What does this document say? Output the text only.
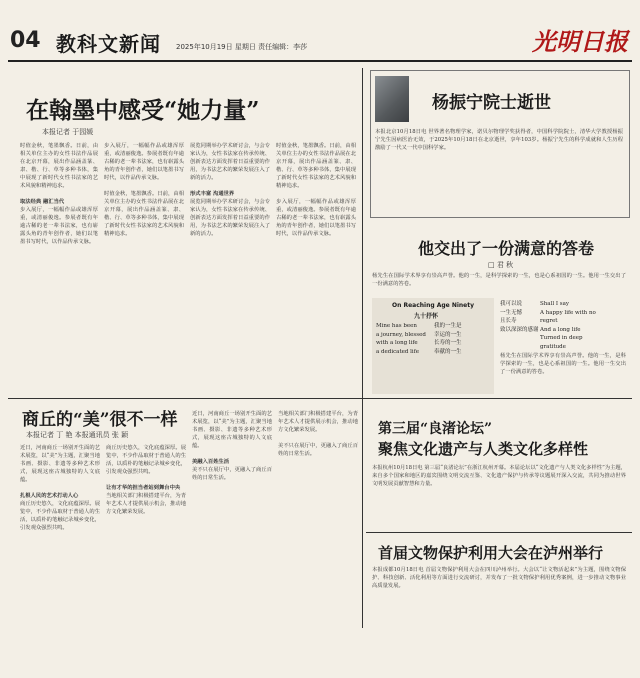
04 教科文新闻 2025年10月19日 星期日 责任编辑：李莎	光明日报
在翰墨中感受“她力量”
本报记者 于园媛
时值金秋，笔墨飘香。日前，由相关单位主办的女性书法作品展在北京开幕，展出作品涵盖篆、隶、楷、行、草等多种书体，集中展现了新时代女性书法家的艺术风貌和精神追求。

取法经典 融汇当代
步入展厅，一幅幅作品或雄浑厚重，或清丽俊逸。参展者既有年逾古稀的老一辈书法家，也有崭露头角的青年创作者，她们以笔墨书写时代，以作品传承文脉。
步入展厅，一幅幅作品或雄浑厚重，或清丽俊逸。参展者既有年逾古稀的老一辈书法家，也有崭露头角的青年创作者，她们以笔墨书写时代，以作品传承文脉。

时值金秋，笔墨飘香。日前，由相关单位主办的女性书法作品展在北京开幕，展出作品涵盖篆、隶、楷、行、草等多种书体，集中展现了新时代女性书法家的艺术风貌和精神追求。
展览同期举办学术研讨会，与会专家认为，女性书法家在传承传统、创新表达方面发挥着日益重要的作用，为书法艺术的繁荣发展注入了新的活力。

形式丰富 沟通世界
展览同期举办学术研讨会，与会专家认为，女性书法家在传承传统、创新表达方面发挥着日益重要的作用，为书法艺术的繁荣发展注入了新的活力。
时值金秋，笔墨飘香。日前，由相关单位主办的女性书法作品展在北京开幕，展出作品涵盖篆、隶、楷、行、草等多种书体，集中展现了新时代女性书法家的艺术风貌和精神追求。

步入展厅，一幅幅作品或雄浑厚重，或清丽俊逸。参展者既有年逾古稀的老一辈书法家，也有崭露头角的青年创作者，她们以笔墨书写时代，以作品传承文脉。
杨振宁院士逝世
本报北京10月18日电 世界著名物理学家，诺贝尔物理学奖获得者，中国科学院院士，清华大学教授杨振宁先生因病医治无效，于2025年10月18日在北京逝世，享年103岁。杨振宁先生的科学成就和人生历程激励了一代又一代中国科学家。
他交出了一份满意的答卷
□ 君 秋
杨先生在国际学术界享有崇高声誉。他的一生，是科学探索的一生，也是心系祖国的一生。他用一生交出了一份满意的答卷。
On Reaching Age Ninety
九十抒怀
Mine has been
a journey, blessed
with a long life
a dedicated life
我的一生是
幸运的一生
长寿的一生
奉献的一生
我可以说
一生无憾
且长寿
致以深深的感谢
Shall I say
A happy life with no
regret
And a long life
Turned in deep
gratitude
杨先生在国际学术界享有崇高声誉。他的一生，是科学探索的一生，也是心系祖国的一生。他用一生交出了一份满意的答卷。
商丘的“美”很不一样
本报记者 丁 艳 本报通讯员 张 颖
近日，河南商丘一场别开生面的艺术展览，以“美”为主题，汇聚当地书画、摄影、非遗等多种艺术形式，展现这座古城独特的人文底蕴。

扎根人民的艺术打动人心
商丘历史悠久，文化底蕴深厚。展览中，不少作品取材于普通人的生活，以质朴的笔触记录城乡变化，引发观众强烈共鸣。
商丘历史悠久，文化底蕴深厚。展览中，不少作品取材于普通人的生活，以质朴的笔触记录城乡变化，引发观众强烈共鸣。

让有才华的担当者站到舞台中央
当地相关部门积极搭建平台，为青年艺术人才提供展示机会，推动地方文化繁荣发展。
近日，河南商丘一场别开生面的艺术展览，以“美”为主题，汇聚当地书画、摄影、非遗等多种艺术形式，展现这座古城独特的人文底蕴。

美融入百姓生活
美不只在展厅中，更融入了商丘百姓的日常生活。
当地相关部门积极搭建平台，为青年艺术人才提供展示机会，推动地方文化繁荣发展。

美不只在展厅中，更融入了商丘百姓的日常生活。
第三届“良渚论坛”
聚焦文化遗产与人类文化多样性
本报杭州10月18日电 第三届“良渚论坛”在浙江杭州开幕。本届论坛以“文化遗产与人类文化多样性”为主题，来自多个国家和地区的嘉宾围绕文明交流互鉴、文化遗产保护与传承等议题展开深入交流，共同为推动世界文明发展贡献智慧和力量。
首届文物保护利用大会在泸州举行
本报成都10月18日电 首届文物保护利用大会在四川泸州举行。大会以“让文物活起来”为主题，围绕文物保护、科技创新、活化利用等方面进行交流研讨，并发布了一批文物保护利用优秀案例，进一步推动文物事业高质量发展。
